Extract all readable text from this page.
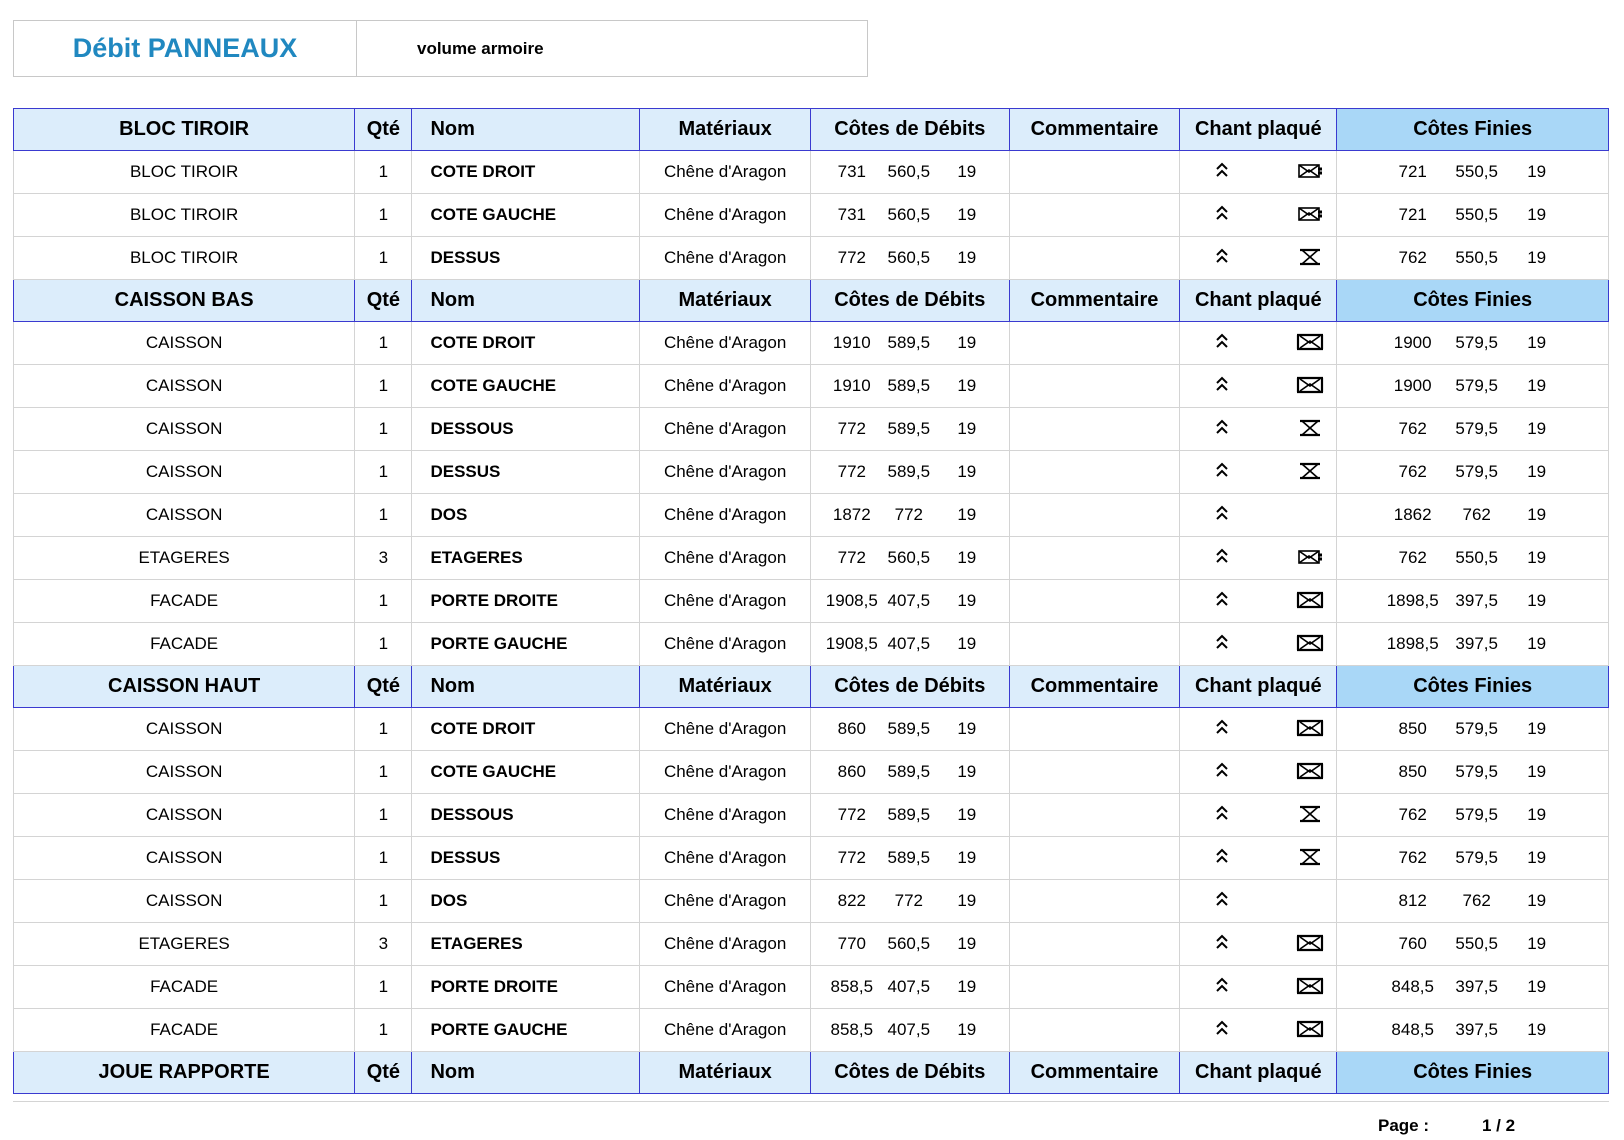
Débit PANNEAUX	volume armoire
BLOC TIROIR	Qté	Nom	Matériaux	Côtes de Débits	Commentaire	Chant plaqué	Côtes Finies
BLOC TIROIR	1	COTE DROIT	Chêne d'Aragon	731 560,5 19			721 550,5 19

BLOC TIROIR	1	COTE GAUCHE	Chêne d'Aragon	731 560,5 19			721 550,5 19

BLOC TIROIR	1	DESSUS	Chêne d'Aragon	772 560,5 19			762 550,5 19

CAISSON BAS	Qté	Nom	Matériaux	Côtes de Débits	Commentaire	Chant plaqué	Côtes Finies
CAISSON	1	COTE DROIT	Chêne d'Aragon	1910 589,5 19			1900 579,5 19

CAISSON	1	COTE GAUCHE	Chêne d'Aragon	1910 589,5 19			1900 579,5 19

CAISSON	1	DESSOUS	Chêne d'Aragon	772 589,5 19			762 579,5 19

CAISSON	1	DESSUS	Chêne d'Aragon	772 589,5 19			762 579,5 19

CAISSON	1	DOS	Chêne d'Aragon	1872 772 19			1862 762 19

ETAGERES	3	ETAGERES	Chêne d'Aragon	772 560,5 19			762 550,5 19

FACADE	1	PORTE DROITE	Chêne d'Aragon	1908,5 407,5 19			1898,5 397,5 19

FACADE	1	PORTE GAUCHE	Chêne d'Aragon	1908,5 407,5 19			1898,5 397,5 19

CAISSON HAUT	Qté	Nom	Matériaux	Côtes de Débits	Commentaire	Chant plaqué	Côtes Finies
CAISSON	1	COTE DROIT	Chêne d'Aragon	860 589,5 19			850 579,5 19

CAISSON	1	COTE GAUCHE	Chêne d'Aragon	860 589,5 19			850 579,5 19

CAISSON	1	DESSOUS	Chêne d'Aragon	772 589,5 19			762 579,5 19

CAISSON	1	DESSUS	Chêne d'Aragon	772 589,5 19			762 579,5 19

CAISSON	1	DOS	Chêne d'Aragon	822 772 19			812 762 19

ETAGERES	3	ETAGERES	Chêne d'Aragon	770 560,5 19			760 550,5 19

FACADE	1	PORTE DROITE	Chêne d'Aragon	858,5 407,5 19			848,5 397,5 19

FACADE	1	PORTE GAUCHE	Chêne d'Aragon	858,5 407,5 19			848,5 397,5 19

JOUE RAPPORTE	Qté	Nom	Matériaux	Côtes de Débits	Commentaire	Chant plaqué	Côtes Finies
Page :	1 / 2
